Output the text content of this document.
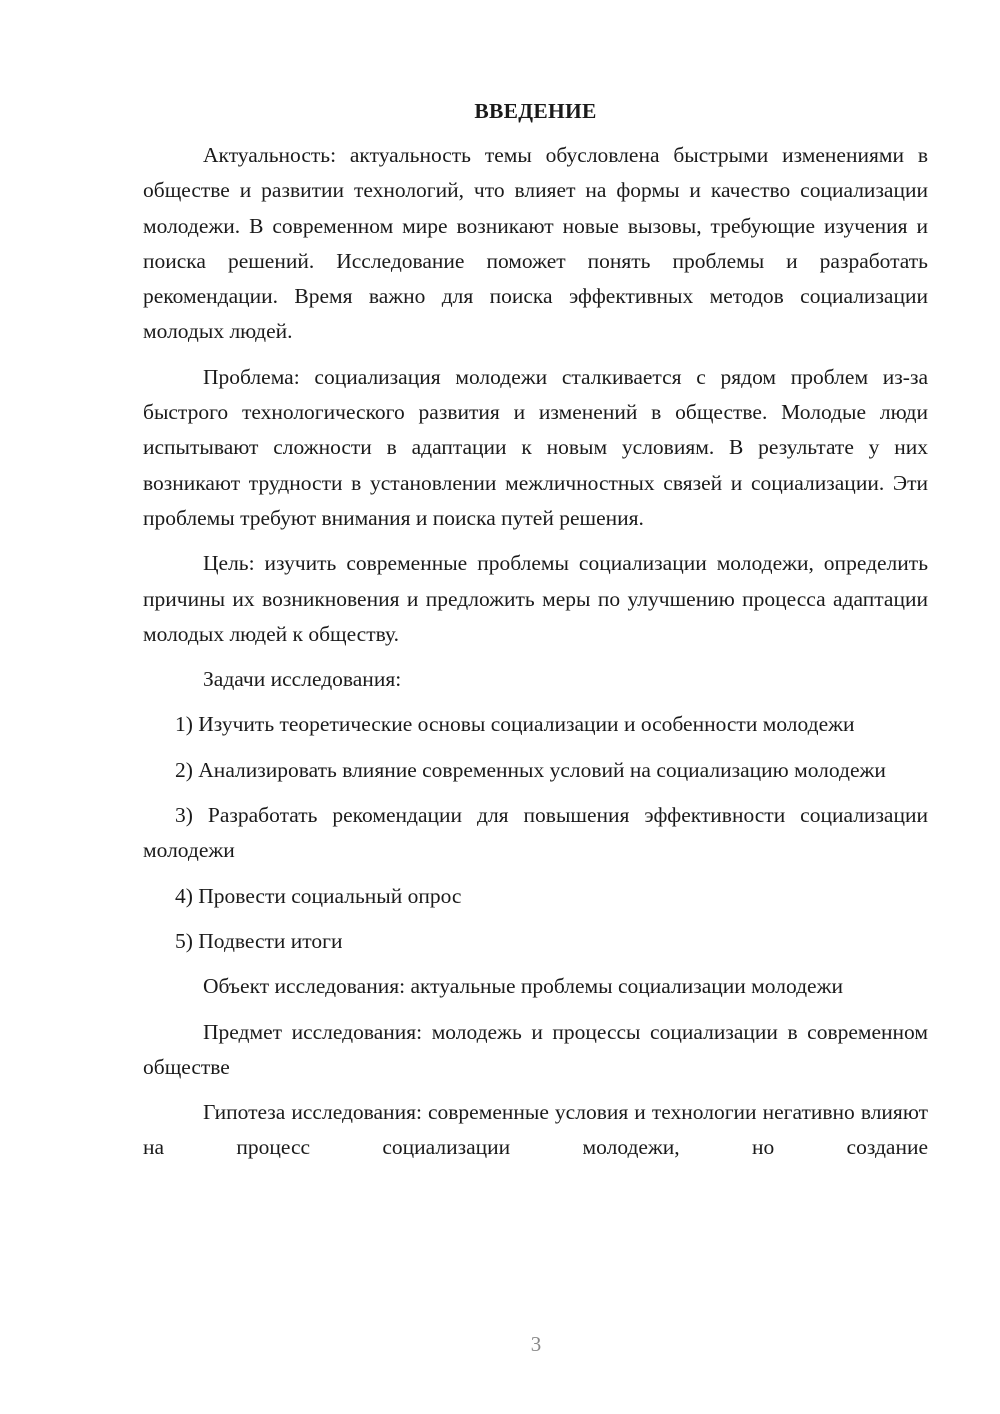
ВВЕДЕНИЕ

Актуальность: актуальность темы обусловлена быстрыми изменениями в обществе и развитии технологий, что влияет на формы и качество социализации молодежи. В современном мире возникают новые вызовы, требующие изучения и поиска решений. Исследование поможет понять проблемы и разработать рекомендации. Время важно для поиска эффективных методов социализации молодых людей.

Проблема: социализация молодежи сталкивается с рядом проблем из-за быстрого технологического развития и изменений в обществе. Молодые люди испытывают сложности в адаптации к новым условиям. В результате у них возникают трудности в установлении межличностных связей и социализации. Эти проблемы требуют внимания и поиска путей решения.

Цель: изучить современные проблемы социализации молодежи, определить причины их возникновения и предложить меры по улучшению процесса адаптации молодых людей к обществу.

Задачи исследования:

1) Изучить теоретические основы социализации и особенности молодежи

2) Анализировать влияние современных условий на социализацию молодежи

3) Разработать рекомендации для повышения эффективности социализации молодежи

4) Провести социальный опрос

5) Подвести итоги

Объект исследования: актуальные проблемы социализации молодежи

Предмет исследования: молодежь и процессы социализации в современном обществе

Гипотеза исследования: современные условия и технологии негативно влияют на процесс социализации молодежи, но создание

3
